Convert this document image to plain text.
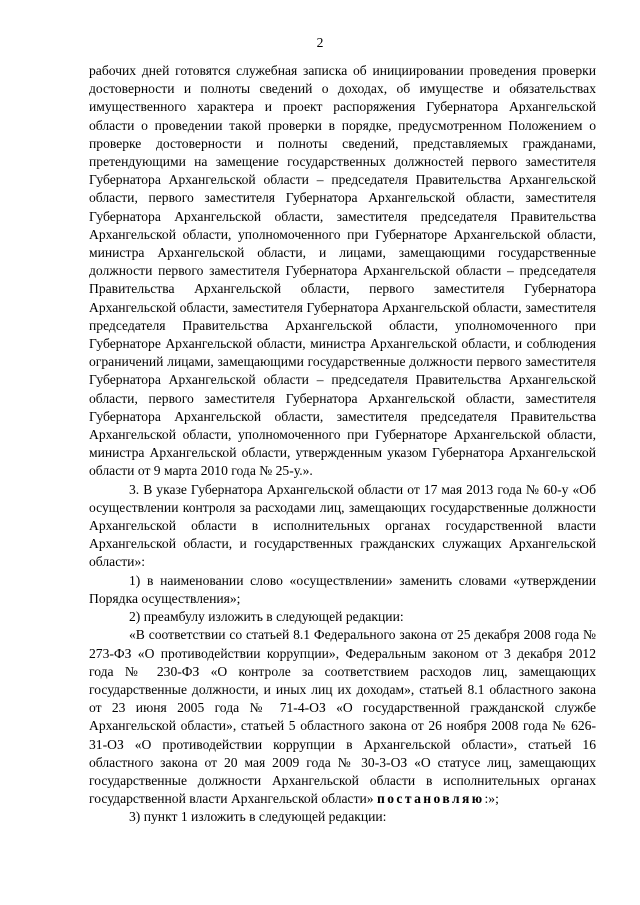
2

рабочих дней готовятся служебная записка об инициировании проведения проверки достоверности и полноты сведений о доходах, об имуществе и обязательствах имущественного характера и проект распоряжения Губернатора Архангельской области о проведении такой проверки в порядке, предусмотренном Положением о проверке достоверности и полноты сведений, представляемых гражданами, претендующими на замещение государственных должностей первого заместителя Губернатора Архангельской области – председателя Правительства Архангельской области, первого заместителя Губернатора Архангельской области, заместителя Губернатора Архангельской области, заместителя председателя Правительства Архангельской области, уполномоченного при Губернаторе Архангельской области, министра Архангельской области, и лицами, замещающими государственные должности первого заместителя Губернатора Архангельской области – председателя Правительства Архангельской области, первого заместителя Губернатора Архангельской области, заместителя Губернатора Архангельской области, заместителя председателя Правительства Архангельской области, уполномоченного при Губернаторе Архангельской области, министра Архангельской области, и соблюдения ограничений лицами, замещающими государственные должности первого заместителя Губернатора Архангельской области – председателя Правительства Архангельской области, первого заместителя Губернатора Архангельской области, заместителя Губернатора Архангельской области, заместителя председателя Правительства Архангельской области, уполномоченного при Губернаторе Архангельской области, министра Архангельской области, утвержденным указом Губернатора Архангельской области от 9 марта 2010 года № 25-у.».

3. В указе Губернатора Архангельской области от 17 мая 2013 года № 60-у «Об осуществлении контроля за расходами лиц, замещающих государственные должности Архангельской области в исполнительных органах государственной власти Архангельской области, и государственных гражданских служащих Архангельской области»:

1) в наименовании слово «осуществлении» заменить словами «утверждении Порядка осуществления»;

2) преамбулу изложить в следующей редакции:

«В соответствии со статьей 8.1 Федерального закона от 25 декабря 2008 года № 273-ФЗ «О противодействии коррупции», Федеральным законом от 3 декабря 2012 года № 230-ФЗ «О контроле за соответствием расходов лиц, замещающих государственные должности, и иных лиц их доходам», статьей 8.1 областного закона от 23 июня 2005 года № 71-4-ОЗ «О государственной гражданской службе Архангельской области», статьей 5 областного закона от 26 ноября 2008 года № 626-31-ОЗ «О противодействии коррупции в Архангельской области», статьей 16 областного закона от 20 мая 2009 года № 30-3-ОЗ «О статусе лиц, замещающих государственные должности Архангельской области в исполнительных органах государственной власти Архангельской области» постановляю:»;

3) пункт 1 изложить в следующей редакции:
